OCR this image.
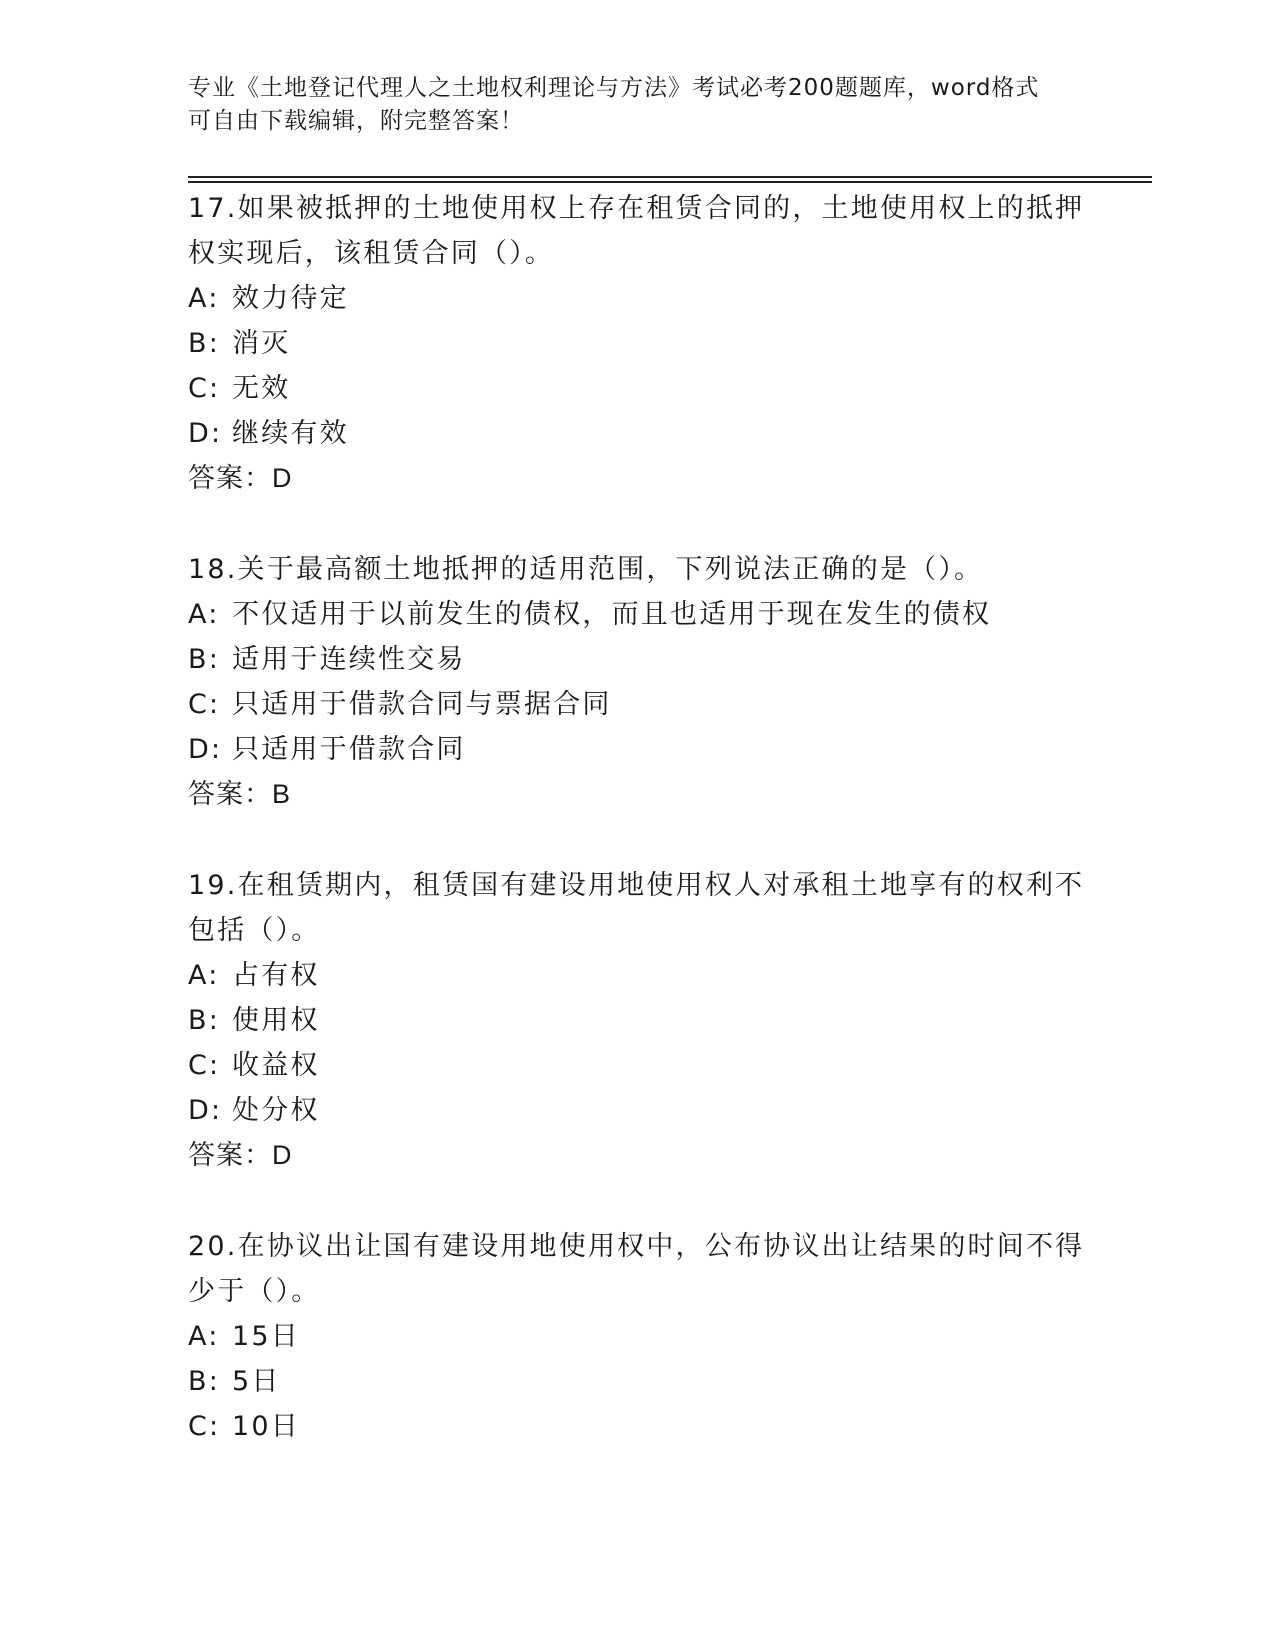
专业《土地登记代理人之土地权利理论与方法》考试必考200题题库，word格式
可自由下载编辑，附完整答案！
17.如果被抵押的土地使用权上存在租赁合同的，土地使用权上的抵押
权实现后，该租赁合同（）。
A: 效力待定
B: 消灭
C: 无效
D: 继续有效
答案：D
18.关于最高额土地抵押的适用范围，下列说法正确的是（）。
A: 不仅适用于以前发生的债权，而且也适用于现在发生的债权
B: 适用于连续性交易
C: 只适用于借款合同与票据合同
D: 只适用于借款合同
答案：B
19.在租赁期内，租赁国有建设用地使用权人对承租土地享有的权利不
包括（）。
A: 占有权
B: 使用权
C: 收益权
D: 处分权
答案：D
20.在协议出让国有建设用地使用权中，公布协议出让结果的时间不得
少于（）。
A: 15日
B: 5日
C: 10日
